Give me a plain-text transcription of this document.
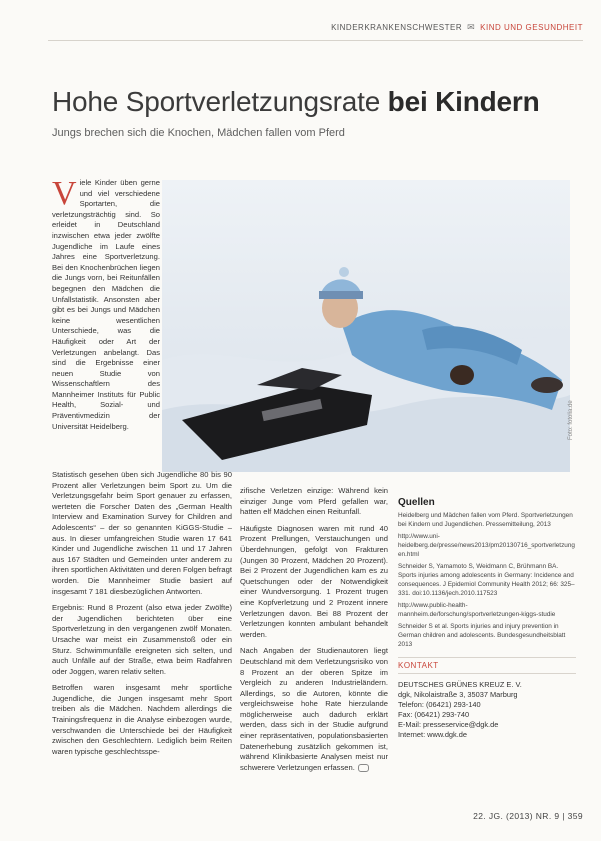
KINDERKRANKENSCHWESTER ✉ KIND UND GESUNDHEIT
Hohe Sportverletzungsrate bei Kindern
Jungs brechen sich die Knochen, Mädchen fallen vom Pferd

Viele Kinder üben gerne und viel verschiedene Sportarten, die verletzungsträchtig sind. So erleidet in Deutschland inzwischen etwa jeder zwölfte Jugendliche im Laufe eines Jahres eine Sportverletzung. Bei den Knochenbrüchen liegen die Jungs vorn, bei Reitunfällen begegnen den Mädchen die Unfallstatistik. Ansonsten aber gibt es bei Jungs und Mädchen keine wesentlichen Unterschiede, was die Häufigkeit oder Art der Verletzungen anbelangt. Das sind die Ergebnisse einer neuen Studie von Wissenschaftlern des Mannheimer Instituts für Public Health, Sozial- und Präventivmedizin der Universität Heidelberg.	Foto: fotolia.de

Statistisch gesehen üben sich Jugendliche 80 bis 90 Prozent aller Verletzungen beim Sport zu. Um die Verletzungsgefahr beim Sport genauer zu erfassen, werteten die Forscher Daten des „German Health Interview and Examination Survey for Children and Adolescents“ – der so genannten KiGGS-Studie – aus. In dieser umfangreichen Studie waren 17 641 Kinder und Jugendliche zwischen 11 und 17 Jahren aus 167 Städten und Gemeinden unter anderem zu ihren sportlichen Aktivitäten und deren Folgen befragt worden. Die Mannheimer Studie basiert auf insgesamt 7 181 diesbezüglichen Antworten.

Ergebnis: Rund 8 Prozent (also etwa jeder Zwölfte) der Jugendlichen berichteten über eine Sportverletzung in den vergangenen zwölf Monaten. Ursache war meist ein Zusammenstoß oder ein Sturz. Schwimmunfälle ereigneten sich selten, und auch Unfälle auf der Straße, etwa beim Radfahren oder Joggen, waren relativ selten.

Betroffen waren insgesamt mehr sportliche Jugendliche, die Jungen insgesamt mehr Sport treiben als die Mädchen. Nachdem allerdings die Trainingsfrequenz in die Analyse einbezogen wurde, verschwanden die Unterschiede bei der Häufigkeit zwischen den Geschlechtern. Lediglich beim Reiten waren typische geschlechtsspe-

zifische Verletzen einzige: Während kein einziger Junge vom Pferd gefallen war, hatten elf Mädchen einen Reitunfall.

Häufigste Diagnosen waren mit rund 40 Prozent Prellungen, Verstauchungen und Überdehnungen, gefolgt von Frakturen (Jungen 30 Prozent, Mädchen 20 Prozent). Bei 2 Prozent der Jugendlichen kam es zu Quetschungen oder der Notwendigkeit einer Wundversorgung. 1 Prozent trugen eine Kopfverletzung und 2 Prozent innere Verletzungen davon. Bei 88 Prozent der Verletzungen konnten ambulant behandelt werden.

Nach Angaben der Studienautoren liegt Deutschland mit dem Verletzungsrisiko von 8 Prozent an der oberen Spitze im Vergleich zu anderen Industrieländern. Allerdings, so die Autoren, könnte die vergleichsweise hohe Rate hierzulande möglicherweise auch dadurch erklärt werden, dass sich in der Studie aufgrund einer repräsentativen, populationsbasierten Datenerhebung zusätzlich gekommen ist, während Klinikbasierte Analysen meist nur schwerere Verletzungen erfassen.

Quellen

Heidelberg und Mädchen fallen vom Pferd. Sportverletzungen bei Kindern und Jugendlichen. Pressemitteilung, 2013

http://www.uni-heidelberg.de/presse/news2013/pm20130716_sportverletzungen.html

Schneider S, Yamamoto S, Weidmann C, Brühmann BA. Sports injuries among adolescents in Germany: Incidence and consequences. J Epidemiol Community Health 2012; 66: 325–331. doi:10.1136/jech.2010.117523

http://www.public-health-mannheim.de/forschung/sportverletzungen-kiggs-studie

Schneider S et al. Sports injuries and injury prevention in German children and adolescents. Bundesgesundheitsblatt 2013

KONTAKT
DEUTSCHES GRÜNES KREUZ E. V.
dgk, Nikolaistraße 3, 35037 Marburg
Telefon: (06421) 293-140
Fax: (06421) 293-740
E-Mail: presseservice@dgk.de
Internet: www.dgk.de
22. JG. (2013) NR. 9 | 359
